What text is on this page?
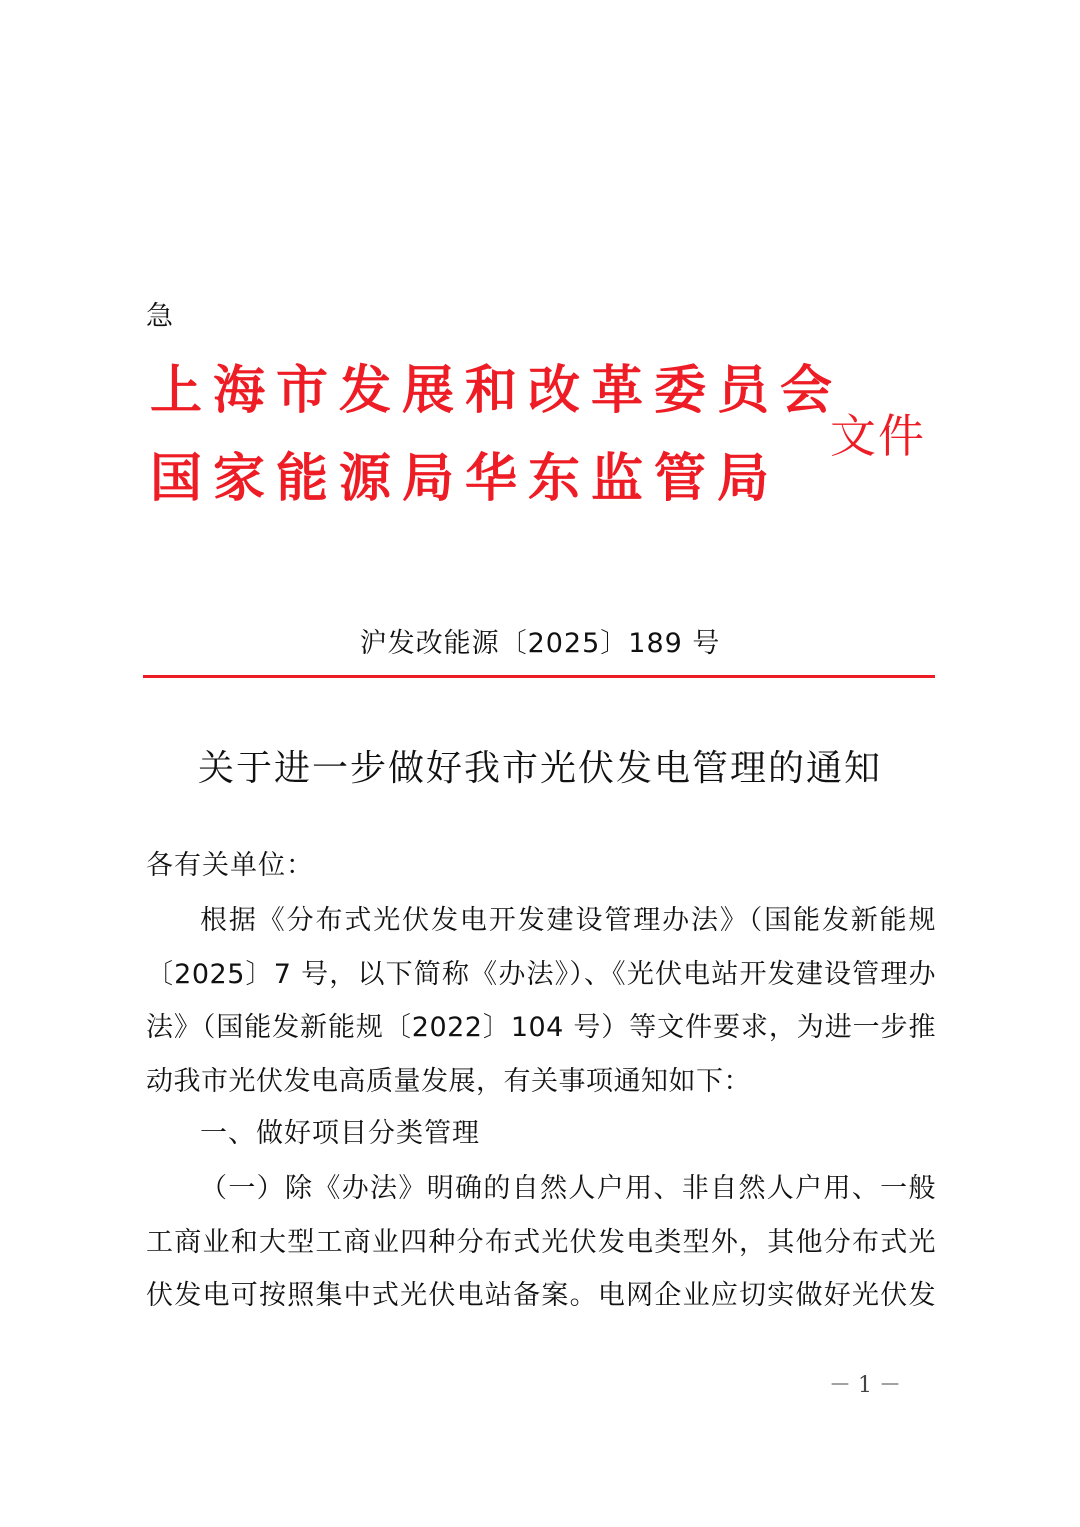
急
上海市发展和改革委员会
国家能源局华东监管局
文件
沪发改能源〔2025〕189 号
关于进一步做好我市光伏发电管理的通知
各有关单位：
根据《分布式光伏发电开发建设管理办法》（国能发新能规〔2025〕7 号，以下简称《办法》）、《光伏电站开发建设管理办法》（国能发新能规〔2022〕104 号）等文件要求，为进一步推动我市光伏发电高质量发展，有关事项通知如下：
一、做好项目分类管理
（一）除《办法》明确的自然人户用、非自然人户用、一般工商业和大型工商业四种分布式光伏发电类型外，其他分布式光伏发电可按照集中式光伏电站备案。电网企业应切实做好光伏发
－ 1 －
